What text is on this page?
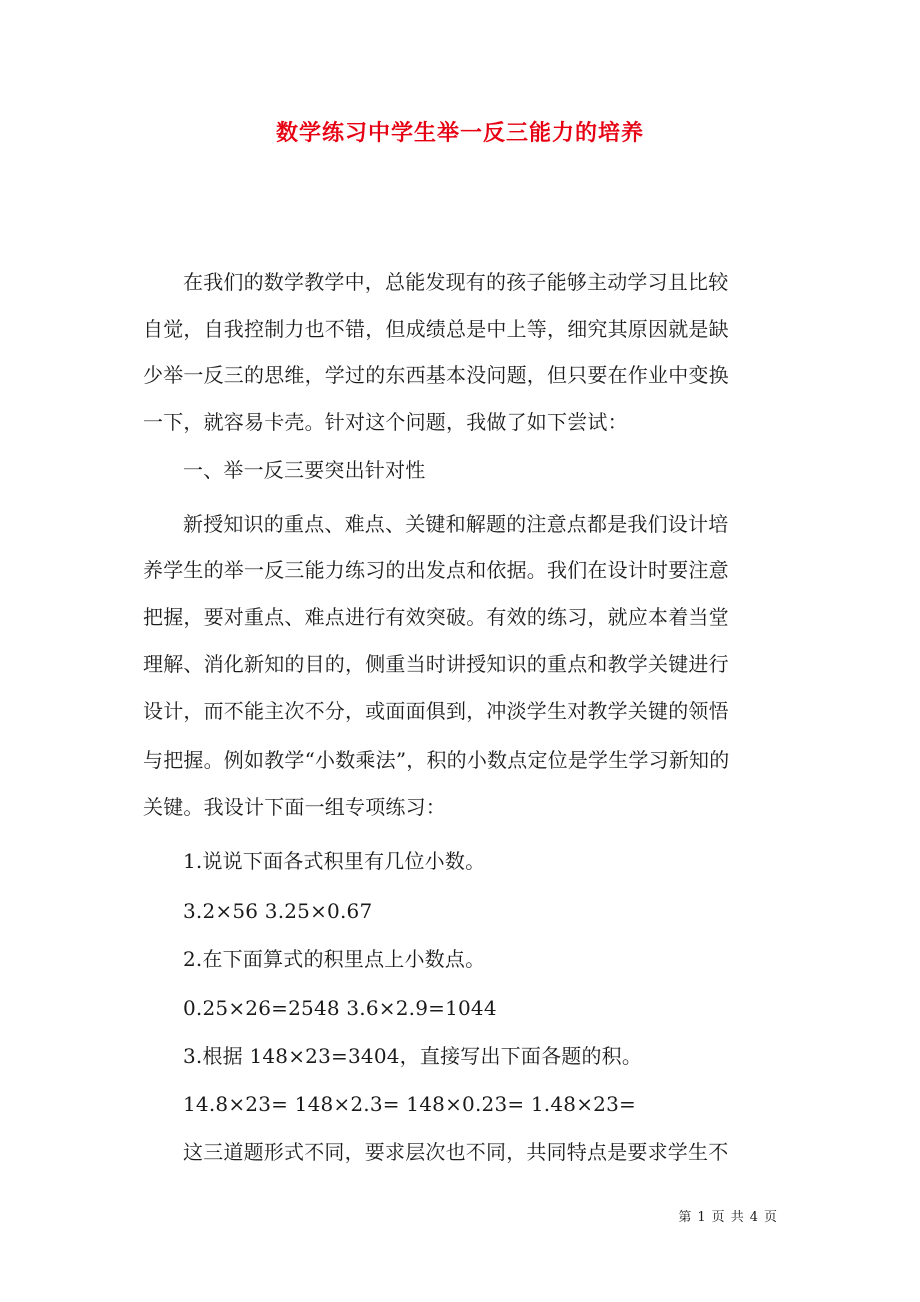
数学练习中学生举一反三能力的培养
在我们的数学教学中，总能发现有的孩子能够主动学习且比较
自觉，自我控制力也不错，但成绩总是中上等，细究其原因就是缺
少举一反三的思维，学过的东西基本没问题，但只要在作业中变换
一下，就容易卡壳。针对这个问题，我做了如下尝试：
一、举一反三要突出针对性
新授知识的重点、难点、关键和解题的注意点都是我们设计培
养学生的举一反三能力练习的出发点和依据。我们在设计时要注意
把握，要对重点、难点进行有效突破。有效的练习，就应本着当堂
理解、消化新知的目的，侧重当时讲授知识的重点和教学关键进行
设计，而不能主次不分，或面面俱到，冲淡学生对教学关键的领悟
与把握。例如教学“小数乘法”，积的小数点定位是学生学习新知的
关键。我设计下面一组专项练习：
1.说说下面各式积里有几位小数。
3.2×56 3.25×0.67
2.在下面算式的积里点上小数点。
0.25×26=2548 3.6×2.9=1044
3.根据 148×23=3404，直接写出下面各题的积。
14.8×23= 148×2.3= 148×0.23= 1.48×23=
这三道题形式不同，要求层次也不同，共同特点是要求学生不
第 1 页 共 4 页
